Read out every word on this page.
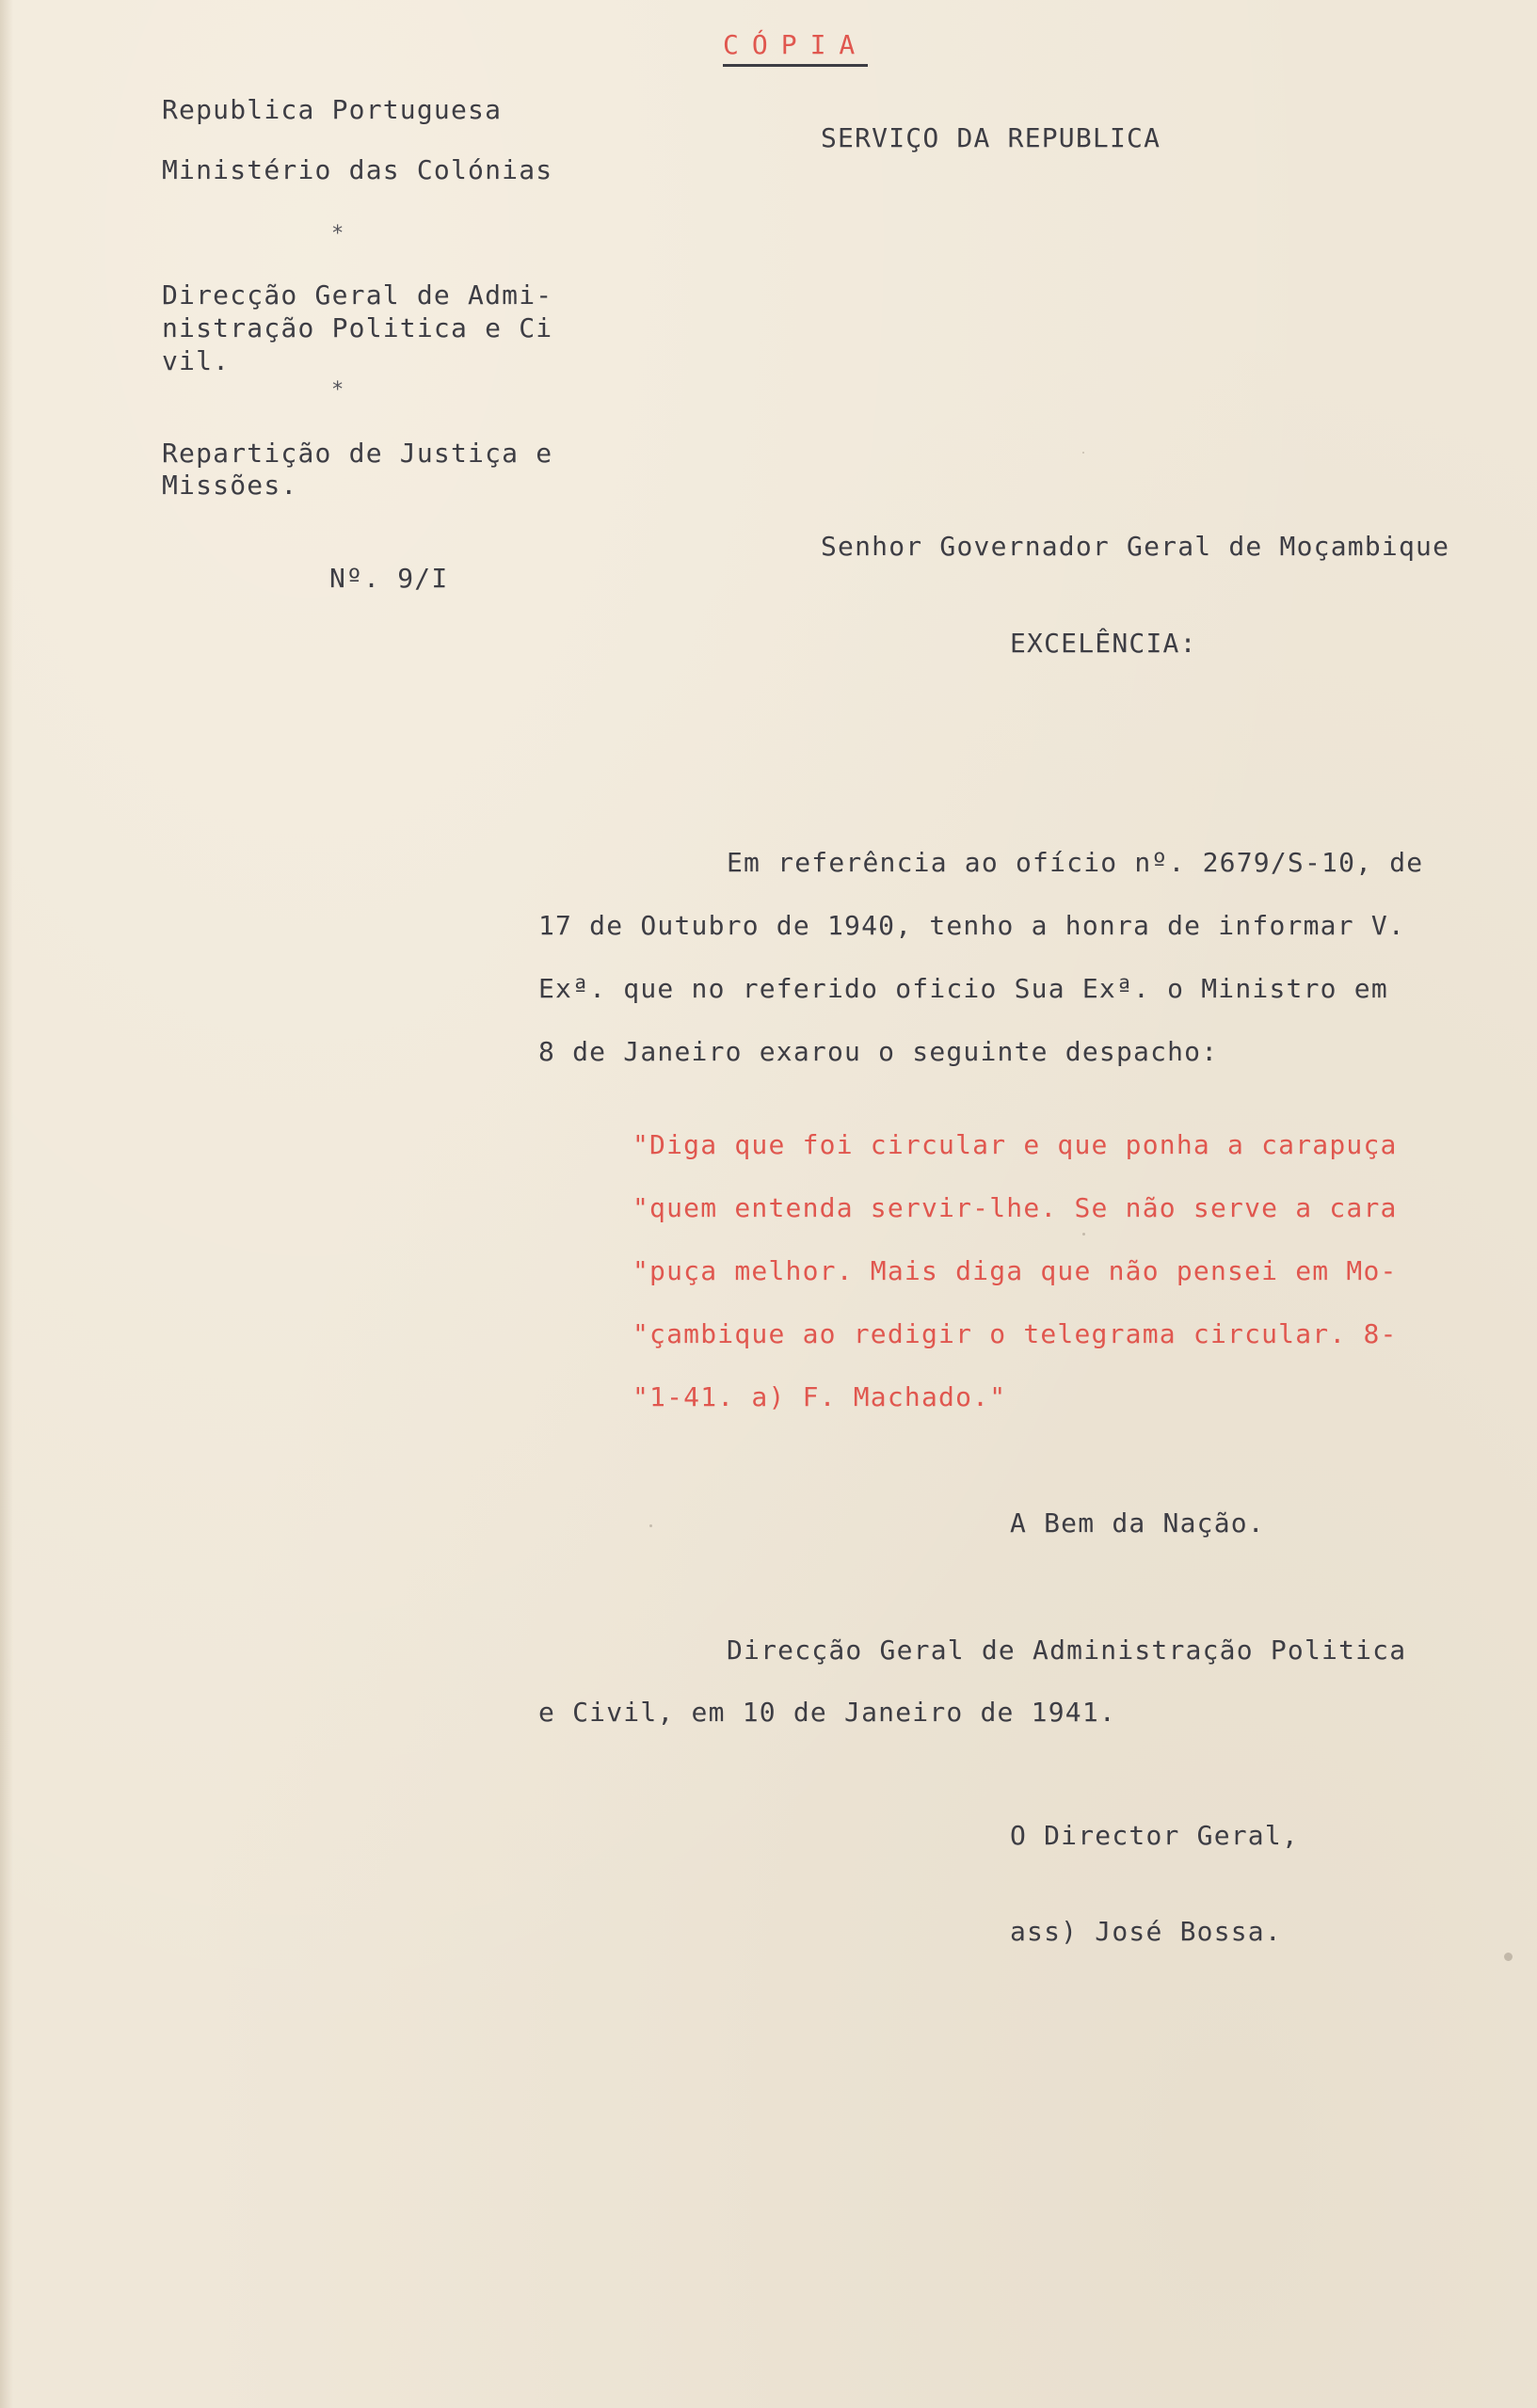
CÓPIA
SERVIÇO DA REPUBLICA
Republica Portuguesa
Ministério das Colónias
*
Direcção Geral de Admi-
nistração Politica e Ci
vil.
*
Repartição de Justiça e
Missões.
Nº. 9/I
Senhor Governador Geral de Moçambique
EXCELÊNCIA:
Em referência ao ofício nº. 2679/S-10, de
17 de Outubro de 1940, tenho a honra de informar V.
Exª. que no referido oficio Sua Exª. o Ministro em
8 de Janeiro exarou o seguinte despacho:
"Diga que foi circular e que ponha a carapuça
"quem entenda servir-lhe. Se não serve a cara
"puça melhor. Mais diga que não pensei em Mo-
"çambique ao redigir o telegrama circular. 8-
"1-41. a) F. Machado."
A Bem da Nação.
Direcção Geral de Administração Politica
e Civil, em 10 de Janeiro de 1941.
O Director Geral,
ass) José Bossa.
